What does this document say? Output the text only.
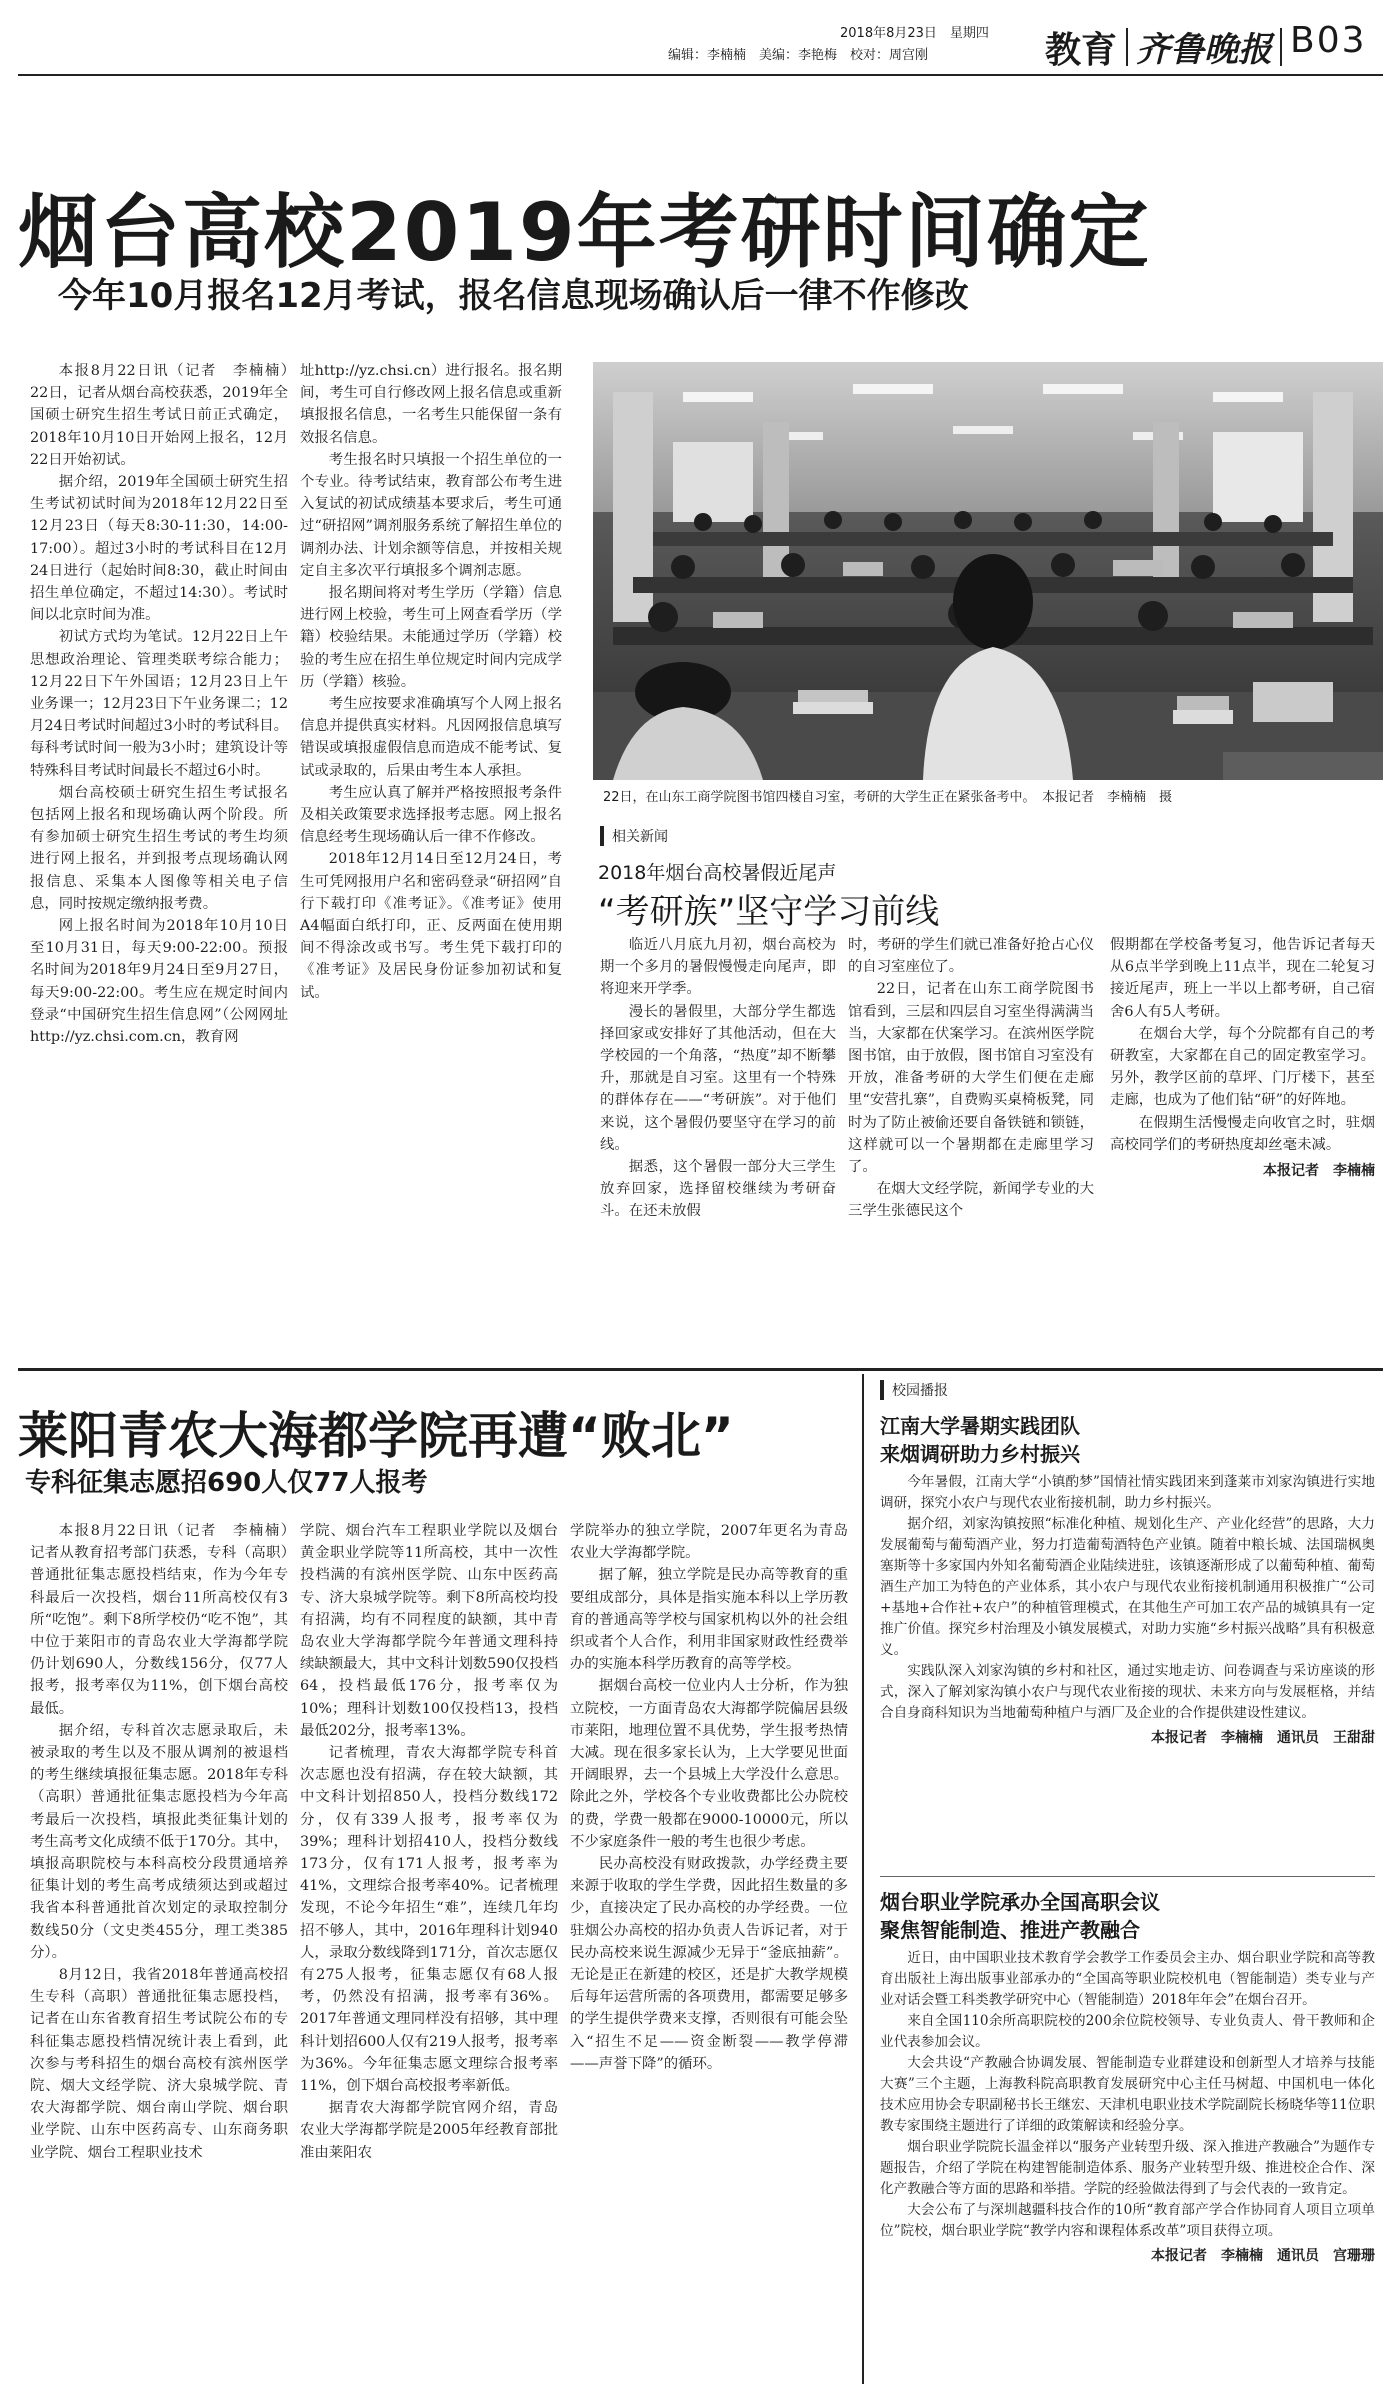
2018年8月23日　星期四
编辑：李楠楠　美编：李艳梅　校对：周宫刚	教育 齐鲁晚报 B03
烟台高校2019年考研时间确定
今年10月报名12月考试，报名信息现场确认后一律不作修改

本报8月22日讯（记者　李楠楠）　22日，记者从烟台高校获悉，2019年全国硕士研究生招生考试日前正式确定，2018年10月10日开始网上报名，12月22日开始初试。

据介绍，2019年全国硕士研究生招生考试初试时间为2018年12月22日至12月23日（每天8:30-11:30，14:00-17:00）。超过3小时的考试科目在12月24日进行（起始时间8:30，截止时间由招生单位确定，不超过14:30）。考试时间以北京时间为准。

初试方式均为笔试。12月22日上午思想政治理论、管理类联考综合能力；12月22日下午外国语；12月23日上午业务课一；12月23日下午业务课二；12月24日考试时间超过3小时的考试科目。每科考试时间一般为3小时；建筑设计等特殊科目考试时间最长不超过6小时。

烟台高校硕士研究生招生考试报名包括网上报名和现场确认两个阶段。所有参加硕士研究生招生考试的考生均须进行网上报名，并到报考点现场确认网报信息、采集本人图像等相关电子信息，同时按规定缴纳报考费。

网上报名时间为2018年10月10日至10月31日，每天9:00-22:00。预报名时间为2018年9月24日至9月27日，每天9:00-22:00。考生应在规定时间内登录“中国研究生招生信息网”（公网网址http://yz.chsi.com.cn，教育网

址http://yz.chsi.cn）进行报名。报名期间，考生可自行修改网上报名信息或重新填报报名信息，一名考生只能保留一条有效报名信息。

考生报名时只填报一个招生单位的一个专业。待考试结束，教育部公布考生进入复试的初试成绩基本要求后，考生可通过“研招网”调剂服务系统了解招生单位的调剂办法、计划余额等信息，并按相关规定自主多次平行填报多个调剂志愿。

报名期间将对考生学历（学籍）信息进行网上校验，考生可上网查看学历（学籍）校验结果。未能通过学历（学籍）校验的考生应在招生单位规定时间内完成学历（学籍）核验。

考生应按要求准确填写个人网上报名信息并提供真实材料。凡因网报信息填写错误或填报虚假信息而造成不能考试、复试或录取的，后果由考生本人承担。

考生应认真了解并严格按照报考条件及相关政策要求选择报考志愿。网上报名信息经考生现场确认后一律不作修改。

2018年12月14日至12月24日，考生可凭网报用户名和密码登录“研招网”自行下载打印《准考证》。《准考证》使用A4幅面白纸打印，正、反两面在使用期间不得涂改或书写。考生凭下载打印的《准考证》及居民身份证参加初试和复试。

22日，在山东工商学院图书馆四楼自习室，考研的大学生正在紧张备考中。　本报记者　李楠楠　摄
相关新闻
2018年烟台高校暑假近尾声
“考研族”坚守学习前线

临近八月底九月初，烟台高校为期一个多月的暑假慢慢走向尾声，即将迎来开学季。

漫长的暑假里，大部分学生都选择回家或安排好了其他活动，但在大学校园的一个角落，“热度”却不断攀升，那就是自习室。这里有一个特殊的群体存在——“考研族”。对于他们来说，这个暑假仍要坚守在学习的前线。

据悉，这个暑假一部分大三学生放弃回家，选择留校继续为考研奋斗。在还未放假

时，考研的学生们就已准备好抢占心仪的自习室座位了。

22日，记者在山东工商学院图书馆看到，三层和四层自习室坐得满满当当，大家都在伏案学习。在滨州医学院图书馆，由于放假，图书馆自习室没有开放，准备考研的大学生们便在走廊里“安营扎寨”，自费购买桌椅板凳，同时为了防止被偷还要自备铁链和锁链，这样就可以一个暑期都在走廊里学习了。

在烟大文经学院，新闻学专业的大三学生张德民这个

假期都在学校备考复习，他告诉记者每天从6点半学到晚上11点半，现在二轮复习接近尾声，班上一半以上都考研，自己宿舍6人有5人考研。

在烟台大学，每个分院都有自己的考研教室，大家都在自己的固定教室学习。另外，教学区前的草坪、门厅楼下，甚至走廊，也成为了他们钻“研”的好阵地。

在假期生活慢慢走向收官之时，驻烟高校同学们的考研热度却丝毫未减。

本报记者　李楠楠
莱阳青农大海都学院再遭“败北”
专科征集志愿招690人仅77人报考

本报8月22日讯（记者　李楠楠）　记者从教育招考部门获悉，专科（高职）普通批征集志愿投档结束，作为今年专科最后一次投档，烟台11所高校仅有3所“吃饱”。剩下8所学校仍“吃不饱”，其中位于莱阳市的青岛农业大学海都学院仍计划690人，分数线156分，仅77人报考，报考率仅为11%，创下烟台高校最低。

据介绍，专科首次志愿录取后，未被录取的考生以及不服从调剂的被退档的考生继续填报征集志愿。2018年专科（高职）普通批征集志愿投档为今年高考最后一次投档，填报此类征集计划的考生高考文化成绩不低于170分。其中，填报高职院校与本科高校分段贯通培养征集计划的考生高考成绩须达到或超过我省本科普通批首次划定的录取控制分数线50分（文史类455分，理工类385分）。

8月12日，我省2018年普通高校招生专科（高职）普通批征集志愿投档，记者在山东省教育招生考试院公布的专科征集志愿投档情况统计表上看到，此次参与考科招生的烟台高校有滨州医学院、烟大文经学院、济大泉城学院、青农大海都学院、烟台南山学院、烟台职业学院、山东中医药高专、山东商务职业学院、烟台工程职业技术

学院、烟台汽车工程职业学院以及烟台黄金职业学院等11所高校，其中一次性投档满的有滨州医学院、山东中医药高专、济大泉城学院等。剩下8所高校均投有招满，均有不同程度的缺额，其中青岛农业大学海都学院今年普通文理科持续缺额最大，其中文科计划数590仅投档64，投档最低176分，报考率仅为10%；理科计划数100仅投档13，投档最低202分，报考率13%。

记者梳理，青农大海都学院专科首次志愿也没有招满，存在较大缺额，其中文科计划招850人，投档分数线172分，仅有339人报考，报考率仅为39%；理科计划招410人，投档分数线173分，仅有171人报考，报考率为41%，文理综合报考率40%。记者梳理发现，不论今年招生“难”，连续几年均招不够人，其中，2016年理科计划940人，录取分数线降到171分，首次志愿仅有275人报考，征集志愿仅有68人报考，仍然没有招满，报考率有36%。2017年普通文理同样没有招够，其中理科计划招600人仅有219人报考，报考率为36%。今年征集志愿文理综合报考率11%，创下烟台高校报考率新低。

据青农大海都学院官网介绍，青岛农业大学海都学院是2005年经教育部批准由莱阳农

学院举办的独立学院，2007年更名为青岛农业大学海都学院。

据了解，独立学院是民办高等教育的重要组成部分，具体是指实施本科以上学历教育的普通高等学校与国家机构以外的社会组织或者个人合作，利用非国家财政性经费举办的实施本科学历教育的高等学校。

据烟台高校一位业内人士分析，作为独立院校，一方面青岛农大海都学院偏居县级市莱阳，地理位置不具优势，学生报考热情大减。现在很多家长认为，上大学要见世面开阔眼界，去一个县城上大学没什么意思。除此之外，学校各个专业收费都比公办院校的费，学费一般都在9000-10000元，所以不少家庭条件一般的考生也很少考虑。

民办高校没有财政拨款，办学经费主要来源于收取的学生学费，因此招生数量的多少，直接决定了民办高校的办学经费。一位驻烟公办高校的招办负责人告诉记者，对于民办高校来说生源减少无异于“釜底抽薪”。无论是正在新建的校区，还是扩大教学规模后每年运营所需的各项费用，都需要足够多的学生提供学费来支撑，否则很有可能会坠入“招生不足——资金断裂——教学停滞——声誉下降”的循环。

校园播报
江南大学暑期实践团队
来烟调研助力乡村振兴

今年暑假，江南大学“小镇酌梦”国情社情实践团来到蓬莱市刘家沟镇进行实地调研，探究小农户与现代农业衔接机制，助力乡村振兴。

据介绍，刘家沟镇按照“标准化种植、规划化生产、产业化经营”的思路，大力发展葡萄与葡萄酒产业，努力打造葡萄酒特色产业镇。随着中粮长城、法国瑞枫奥塞斯等十多家国内外知名葡萄酒企业陆续进驻，该镇逐渐形成了以葡萄种植、葡萄酒生产加工为特色的产业体系，其小农户与现代农业衔接机制通用积极推广“公司+基地+合作社+农户”的种植管理模式，在其他生产可加工农产品的城镇具有一定推广价值。探究乡村治理及小镇发展模式，对助力实施“乡村振兴战略”具有积极意义。

实践队深入刘家沟镇的乡村和社区，通过实地走访、问卷调查与采访座谈的形式，深入了解刘家沟镇小农户与现代农业衔接的现状、未来方向与发展框格，并结合自身商科知识为当地葡萄种植户与酒厂及企业的合作提供建设性建议。

本报记者　李楠楠　通讯员　王甜甜
烟台职业学院承办全国高职会议
聚焦智能制造、推进产教融合

近日，由中国职业技术教育学会教学工作委员会主办、烟台职业学院和高等教育出版社上海出版事业部承办的“全国高等职业院校机电（智能制造）类专业与产业对话会暨工科类教学研究中心（智能制造）2018年年会”在烟台召开。

来自全国110余所高职院校的200余位院校领导、专业负责人、骨干教师和企业代表参加会议。

大会共设“产教融合协调发展、智能制造专业群建设和创新型人才培养与技能大赛”三个主题，上海教科院高职教育发展研究中心主任马树超、中国机电一体化技术应用协会专职副秘书长王继宏、天津机电职业技术学院副院长杨晓华等11位职教专家围绕主题进行了详细的政策解读和经验分享。

烟台职业学院院长温金祥以“服务产业转型升级、深入推进产教融合”为题作专题报告，介绍了学院在构建智能制造体系、服务产业转型升级、推进校企合作、深化产教融合等方面的思路和举措。学院的经验做法得到了与会代表的一致肯定。

大会公布了与深圳越疆科技合作的10所“教育部产学合作协同育人项目立项单位”院校，烟台职业学院“教学内容和课程体系改革”项目获得立项。

本报记者　李楠楠　通讯员　宫珊珊
